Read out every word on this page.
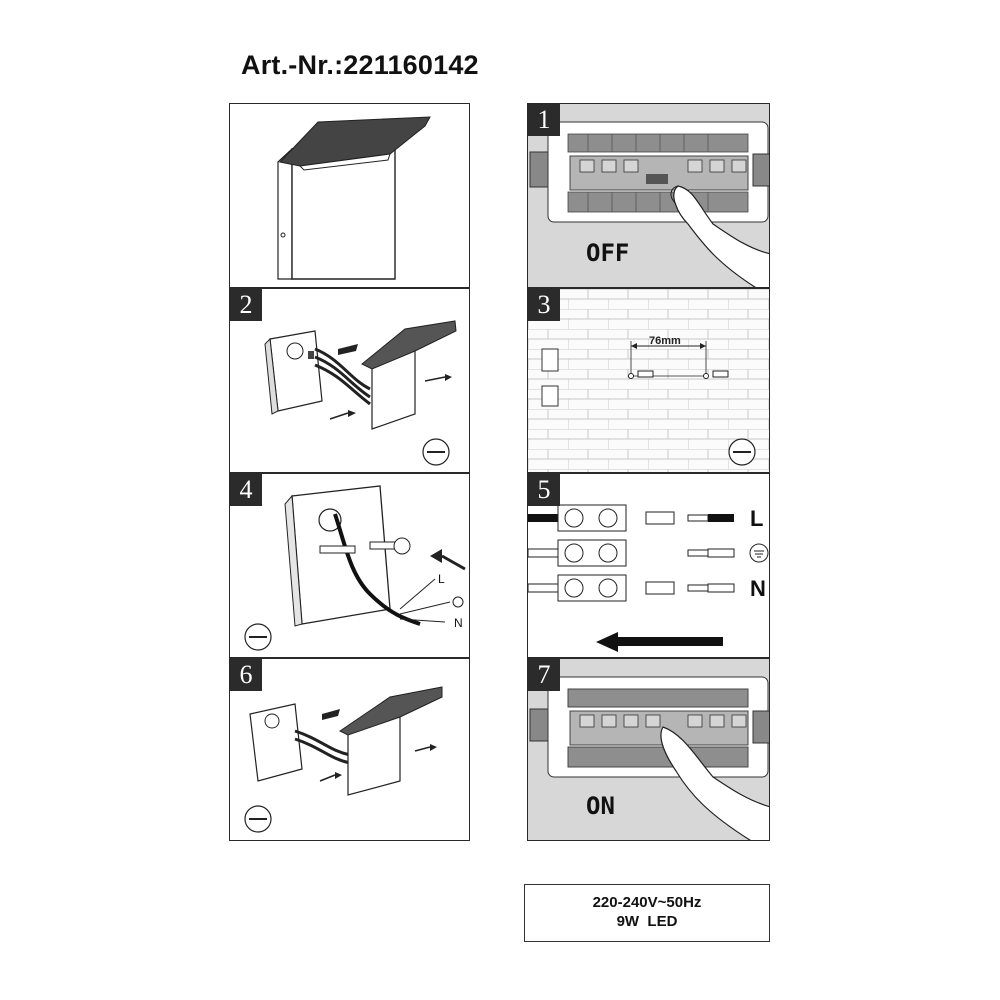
Art.-Nr.:221160142
1
OFF
2	3
76mm
4
L
N
5
L
N
6	7
ON
220-240V~50Hz
9W  LED
